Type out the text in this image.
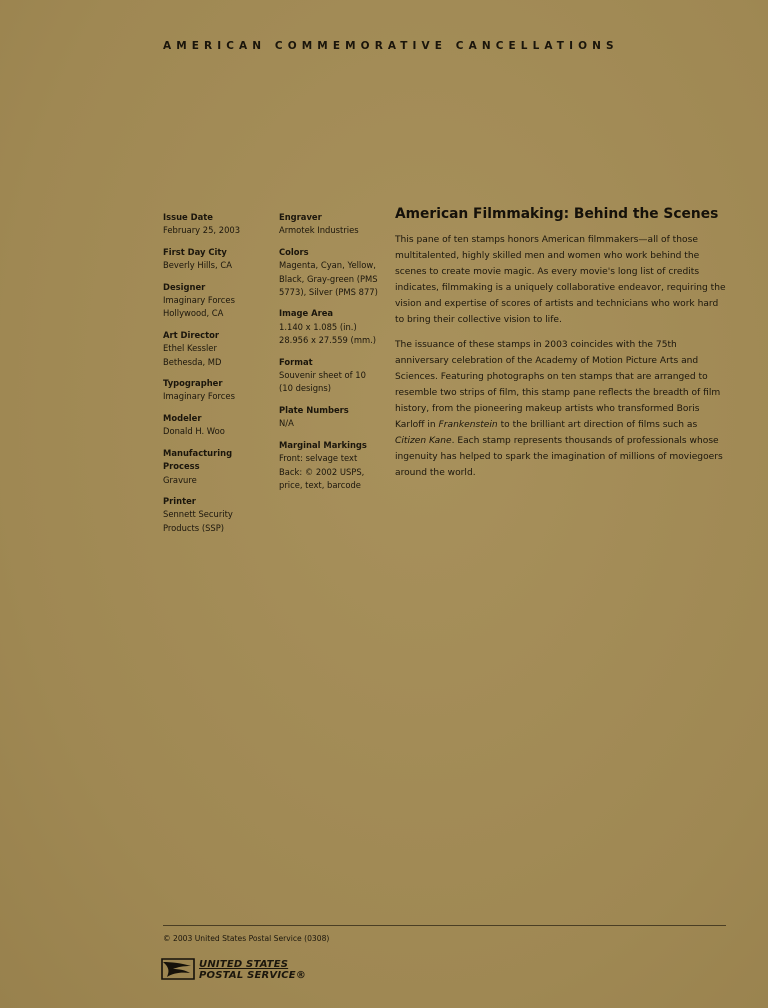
AMERICAN COMMEMORATIVE CANCELLATIONS
Issue Date
February 25, 2003
First Day City
Beverly Hills, CA
Designer
Imaginary Forces
Hollywood, CA
Art Director
Ethel Kessler
Bethesda, MD
Typographer
Imaginary Forces
Modeler
Donald H. Woo
Manufacturing Process
Gravure
Printer
Sennett Security
Products (SSP)
Engraver
Armotek Industries
Colors
Magenta, Cyan, Yellow,
Black, Gray-green (PMS
5773), Silver (PMS 877)
Image Area
1.140 x 1.085 (in.)
28.956 x 27.559 (mm.)
Format
Souvenir sheet of 10
(10 designs)
Plate Numbers
N/A
Marginal Markings
Front: selvage text
Back: © 2002 USPS,
price, text, barcode
American Filmmaking: Behind the Scenes

This pane of ten stamps honors American filmmakers—all of those multitalented, highly skilled men and women who work behind the scenes to create movie magic. As every movie's long list of credits indicates, filmmaking is a uniquely collaborative endeavor, requiring the vision and expertise of scores of artists and technicians who work hard to bring their collective vision to life.

The issuance of these stamps in 2003 coincides with the 75th anniversary celebration of the Academy of Motion Picture Arts and Sciences. Featuring photographs on ten stamps that are arranged to resemble two strips of film, this stamp pane reflects the breadth of film history, from the pioneering makeup artists who transformed Boris Karloff in Frankenstein to the brilliant art direction of films such as Citizen Kane. Each stamp represents thousands of professionals whose ingenuity has helped to spark the imagination of millions of moviegoers around the world.

© 2003 United States Postal Service (0308)
UNITED STATES
POSTAL SERVICE®
